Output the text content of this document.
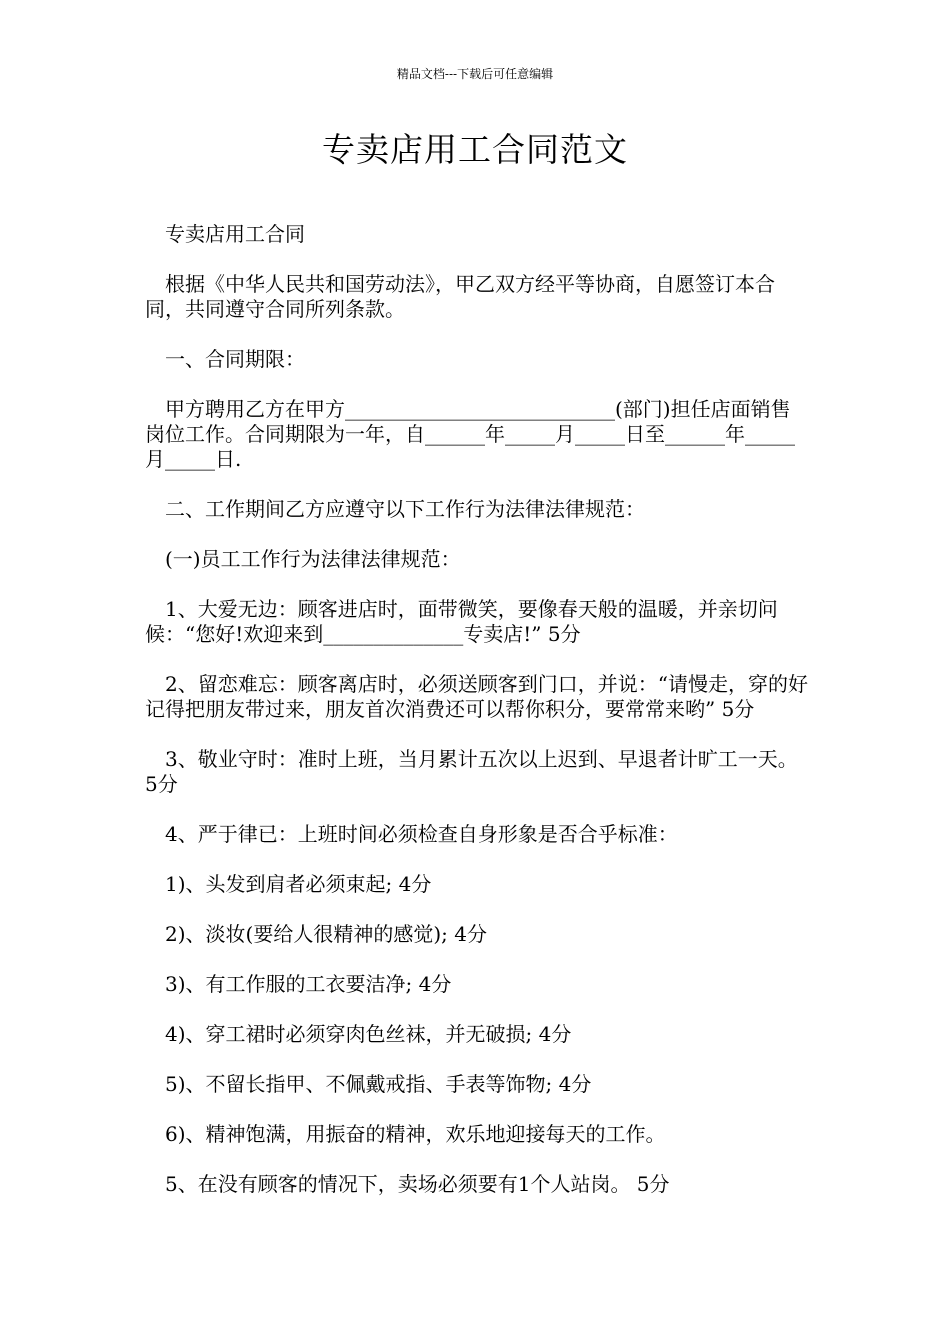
精品文档---下载后可任意编辑
专卖店用工合同范文

专卖店用工合同

根据《中华人民共和国劳动法》，甲乙双方经平等协商，自愿签订本合同，共同遵守合同所列条款。

一、合同期限：

甲方聘用乙方在甲方___________________________(部门)担任店面销售岗位工作。合同期限为一年，自______年_____月_____日至______年_____月_____日.

二、工作期间乙方应遵守以下工作行为法律法律规范：

(一)员工工作行为法律法律规范：

1、大爱无边：顾客进店时，面带微笑，要像春天般的温暖，并亲切问候：“您好!欢迎来到______________专卖店!” 5分

2、留恋难忘：顾客离店时，必须送顾客到门口，并说：“请慢走，穿的好记得把朋友带过来，朋友首次消费还可以帮你积分，要常常来哟” 5分

3、敬业守时：准时上班，当月累计五次以上迟到、早退者计旷工一天。5分

4、严于律已：上班时间必须检查自身形象是否合乎标准：

1)、头发到肩者必须束起; 4分

2)、淡妆(要给人很精神的感觉); 4分

3)、有工作服的工衣要洁净; 4分

4)、穿工裙时必须穿肉色丝袜，并无破损; 4分

5)、不留长指甲、不佩戴戒指、手表等饰物; 4分

6)、精神饱满，用振奋的精神，欢乐地迎接每天的工作。

5、在没有顾客的情况下，卖场必须要有1个人站岗。 5分
